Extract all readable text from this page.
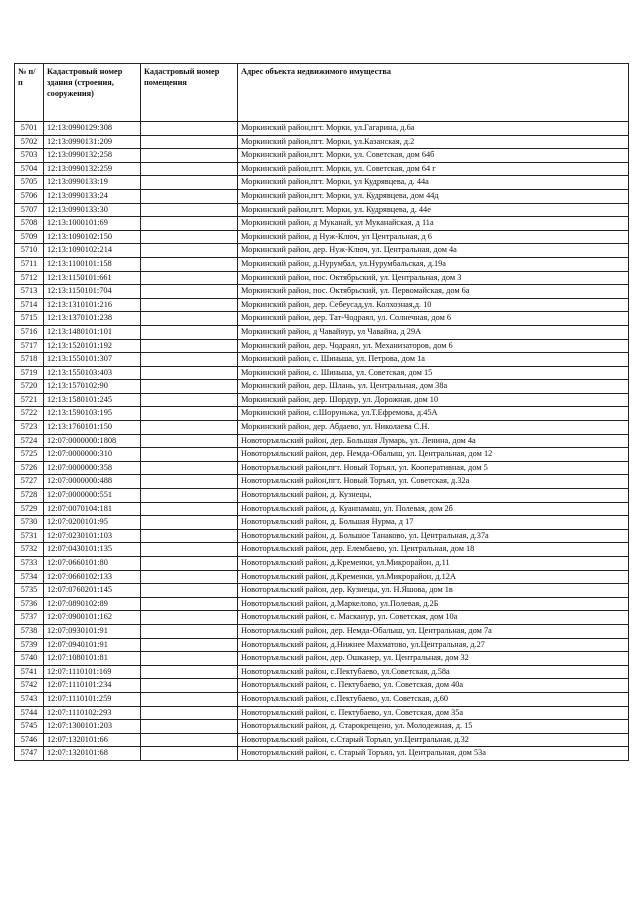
№ п/п	Кадастровый номер здания (строения, сооружения)	Кадастровый номер помещения	Адрес объекта недвижимого имущества
5701	12:13:0990129:308		Моркинский район,пгт. Морки, ул.Гагарина, д.6а
5702	12:13:0990131:209		Моркинский район,пгт. Морки, ул.Казанская, д.2
5703	12:13:0990132:258		Моркинский район,пгт. Морки, ул. Советская, дом 64б
5704	12:13:0990132:259		Моркинский район,пгт. Морки, ул. Советская, дом 64 г
5705	12:13:0990133:19		Моркинский район,пгт. Морки, ул Кудрявцева, д. 44а
5706	12:13:0990133:24		Моркинский район,пгт. Морки, ул. Кудрявцева, дом 44д
5707	12:13:0990133:30		Моркинский район,пгт. Морки, ул. Кудрявцева, д. 44е
5708	12:13:1000101:69		Моркинский район, д Муканай, ул Муканайская, д 11а
5709	12:13:1090102:150		Моркинский район, д Нуж-Ключ, ул Центральная, д 6
5710	12:13:1090102:214		Моркинский район, дер. Нуж-Ключ, ул. Центральная, дом 4а
5711	12:13:1100101:158		Моркинский район, д.Нурумбал, ул.Нурумбальская, д.19а
5712	12:13:1150101:661		Моркинский район, пос. Октябрьский, ул. Центральная, дом 3
5713	12:13:1150101:704		Моркинский район, пос. Октябрьский, ул. Первомайская, дом 6а
5714	12:13:1310101:216		Моркинский район, дер. Себеусад,ул. Колхозная,д. 10
5715	12:13:1370101:238		Моркинский район, дер. Тат-Чодраял, ул. Солнечная, дом 6
5716	12:13:1480101:101		Моркинский район, д Чавайнур, ул Чавайна, д 29А
5717	12:13:1520101:192		Моркинский район, дер. Чодраял, ул. Механизаторов, дом 6
5718	12:13:1550101:307		Моркинский район, с. Шиньша, ул. Петрова, дом 1а
5719	12:13:1550103:403		Моркинский район, с. Шиньша, ул. Советская, дом 15
5720	12:13:1570102:90		Моркинский район, дер. Шлань, ул. Центральная, дом 38а
5721	12:13:1580101:245		Моркинский район, дер. Шордур, ул. Дорожная, дом 10
5722	12:13:1590103:195		Моркинский район, с.Шоруньжа, ул.Т.Ефремова, д.45А
5723	12:13:1760101:150		Моркинский район, дер. Абдаево, ул. Николаева С.Н.
5724	12:07:0000000:1808		Новоторъяльский район, дер. Большая Лумарь, ул. Ленина, дом 4а
5725	12:07:0000000:310		Новоторъяльский район, дер. Немда-Обалыш, ул. Центральная, дом 12
5726	12:07:0000000:358		Новоторъяльский район,пгт. Новый Торъял, ул. Кооперативная, дом 5
5727	12:07:0000000:488		Новоторъяльский район,пгт. Новый Торъял, ул. Советская, д.32а
5728	12:07:0000000:551		Новоторъяльский район, д. Кузнецы,
5729	12:07:0070104:181		Новоторъяльский район, д. Куанпамаш, ул. Полевая, дом 2б
5730	12:07:0200101:95		Новоторъяльский район, д. Большая Нурма, д 17
5731	12:07:0230101:103		Новоторъяльский район, д. Большое Танаково, ул. Центральная, д.37а
5732	12:07:0430101:135		Новоторъяльский район, дер. Елембаево, ул. Центральная, дом 18
5733	12:07:0660101:80		Новоторъяльский район, д.Кременки, ул.Микрорайон, д.11
5734	12:07:0660102:133		Новоторъяльский район, д.Кременки, ул.Микрорайон, д.12А
5735	12:07:0760201:145		Новоторъяльский район, дер. Кузнецы, ул. Н.Яшова, дом 1в
5736	12:07:0890102:89		Новоторъяльский район, д.Маркелово, ул.Полевая, д.2Б
5737	12:07:0900101:162		Новоторъяльский район, с. Масканур, ул. Советская, дом 10а
5738	12:07:0930101:91		Новоторъяльский район, дер. Немда-Обалыш, ул. Центральная, дом 7а
5739	12:07:0940101:91		Новоторъяльский район, д.Нижнее Махматово, ул.Центральная, д.27
5740	12:07:1080101:81		Новоторъяльский район, дер. Ошканер, ул. Центральная, дом 32
5741	12:07:1110101:169		Новоторъяльский район, с.Пектубаево, ул.Советская, д.58а
5742	12:07:1110101:234		Новоторъяльский район, с. Пектубаево, ул. Советская, дом 40а
5743	12:07:1110101:259		Новоторъяльский район, с.Пектубаево, ул. Советская, д.60
5744	12:07:1110102:293		Новоторъяльский район, с. Пектубаево, ул. Советская, дом 35а
5745	12:07:1300101:203		Новоторъяльский район, д. Старокрещено, ул. Молодежная, д. 15
5746	12:07:1320101:66		Новоторъяльский район, с.Старый Торъял, ул.Центральная, д.32
5747	12:07:1320101:68		Новоторъяльский район, с. Старый Торъял, ул. Центральная, дом 53а
